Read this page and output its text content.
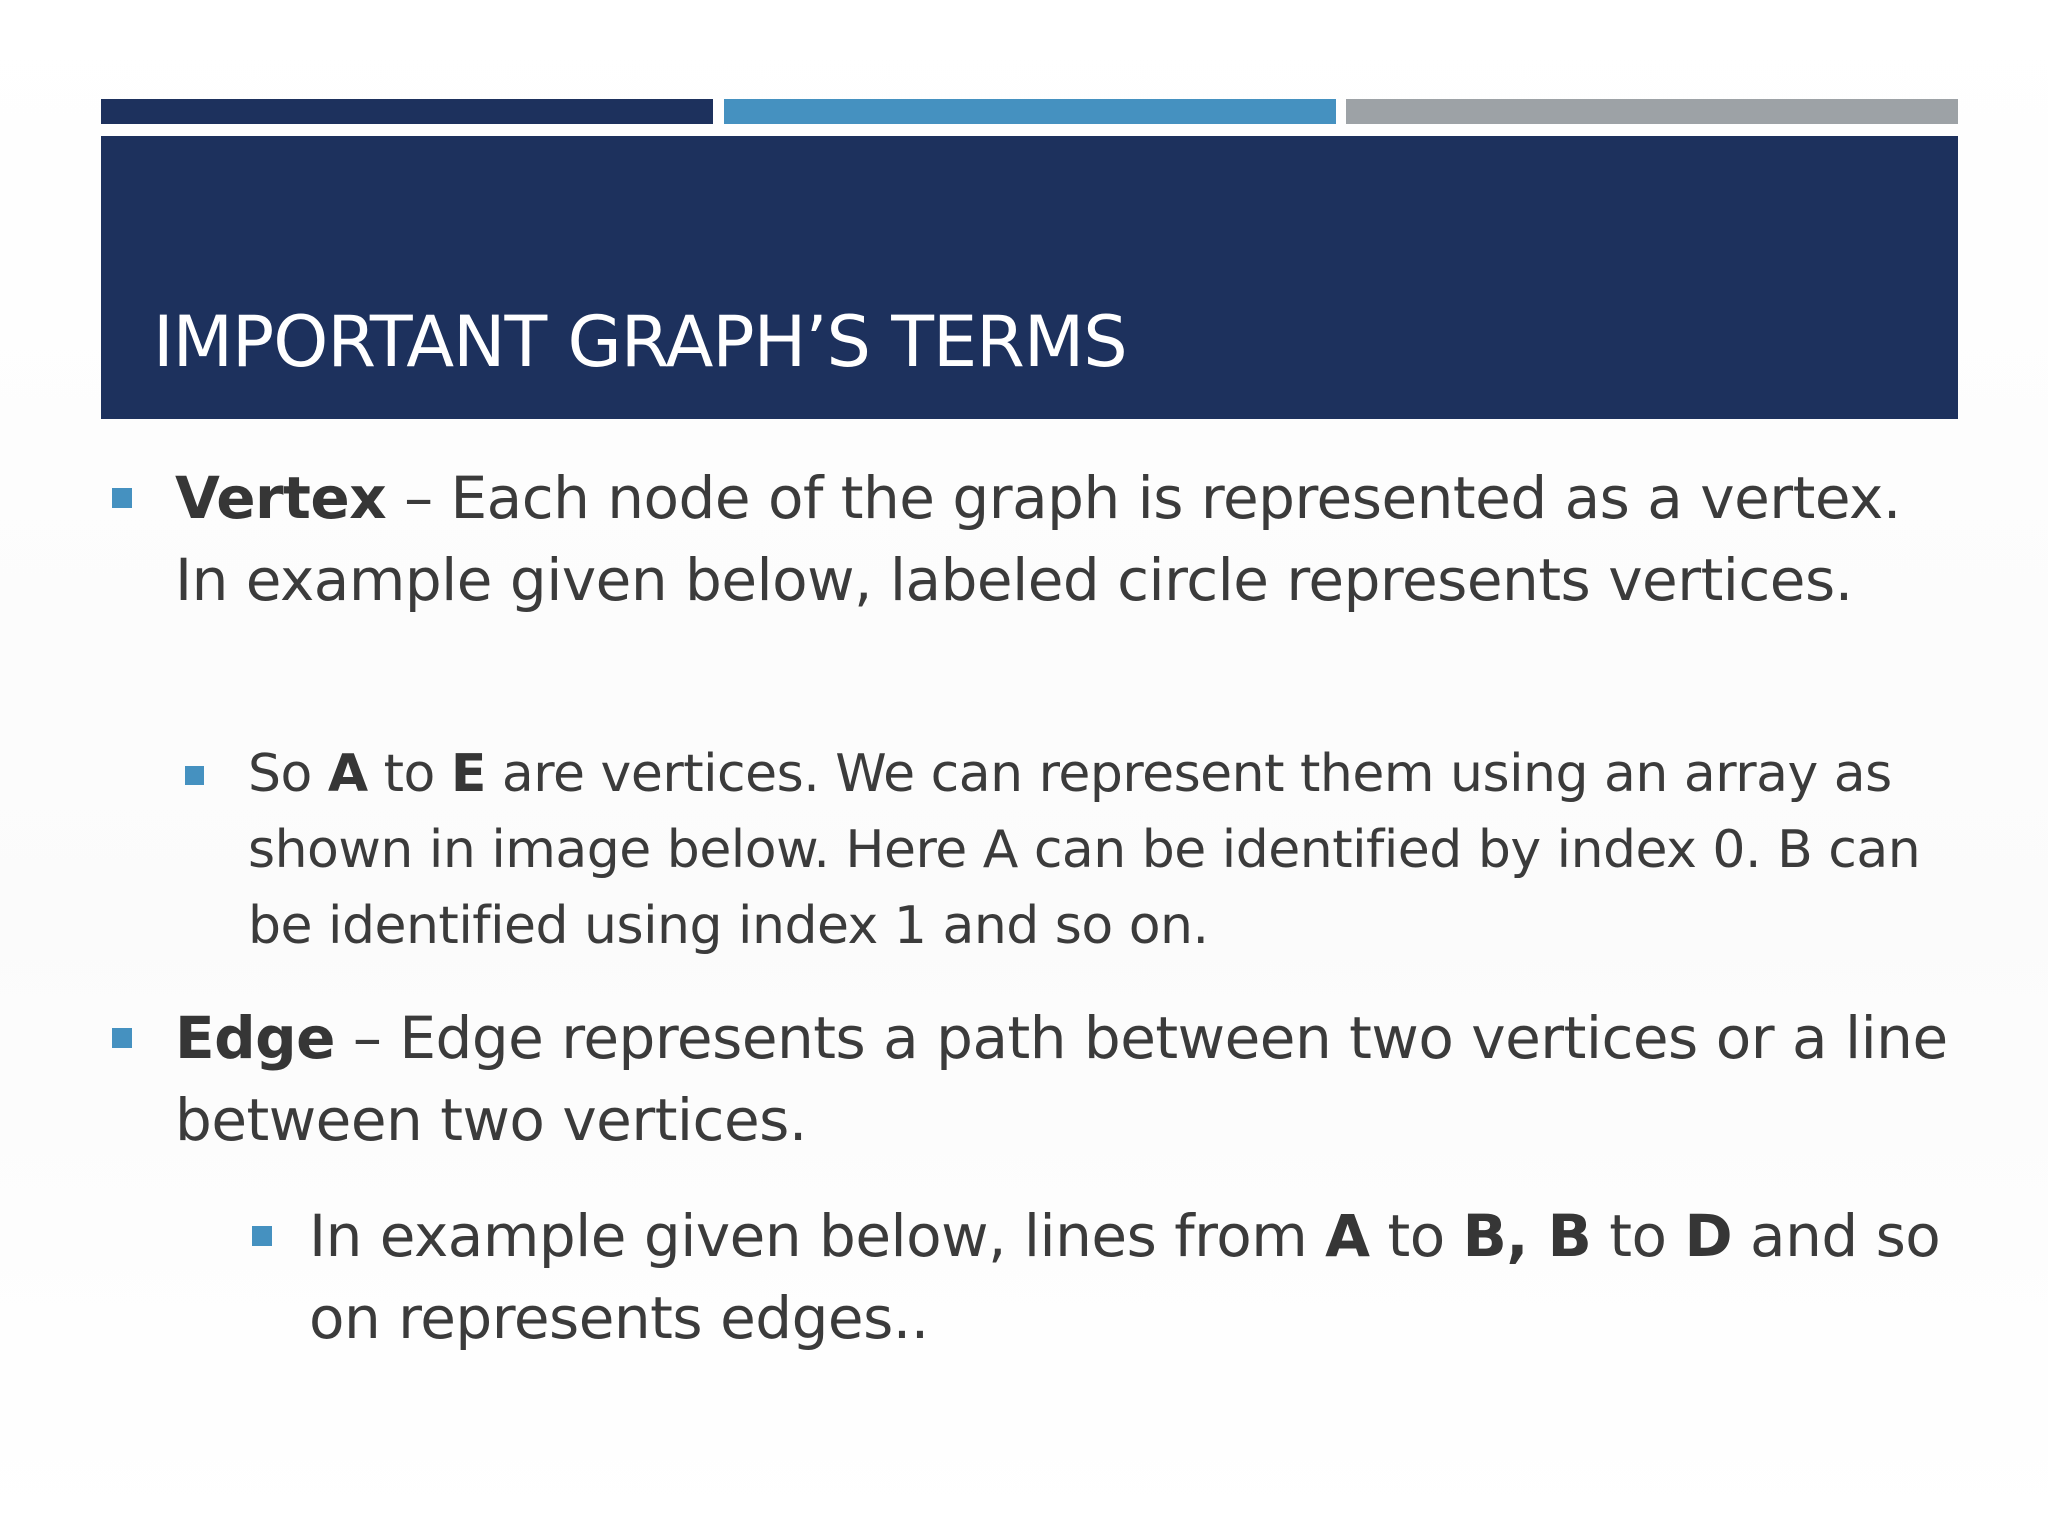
IMPORTANT GRAPH’S TERMS

Vertex – Each node of the graph is represented as a vertex. In example given below, labeled circle represents vertices.

So A to E are vertices. We can represent them using an array as shown in image below. Here A can be identified by index 0. B can be identified using index 1 and so on.

Edge – Edge represents a path between two vertices or a line between two vertices.

In example given below, lines from A to B, B to D and so on represents edges..
